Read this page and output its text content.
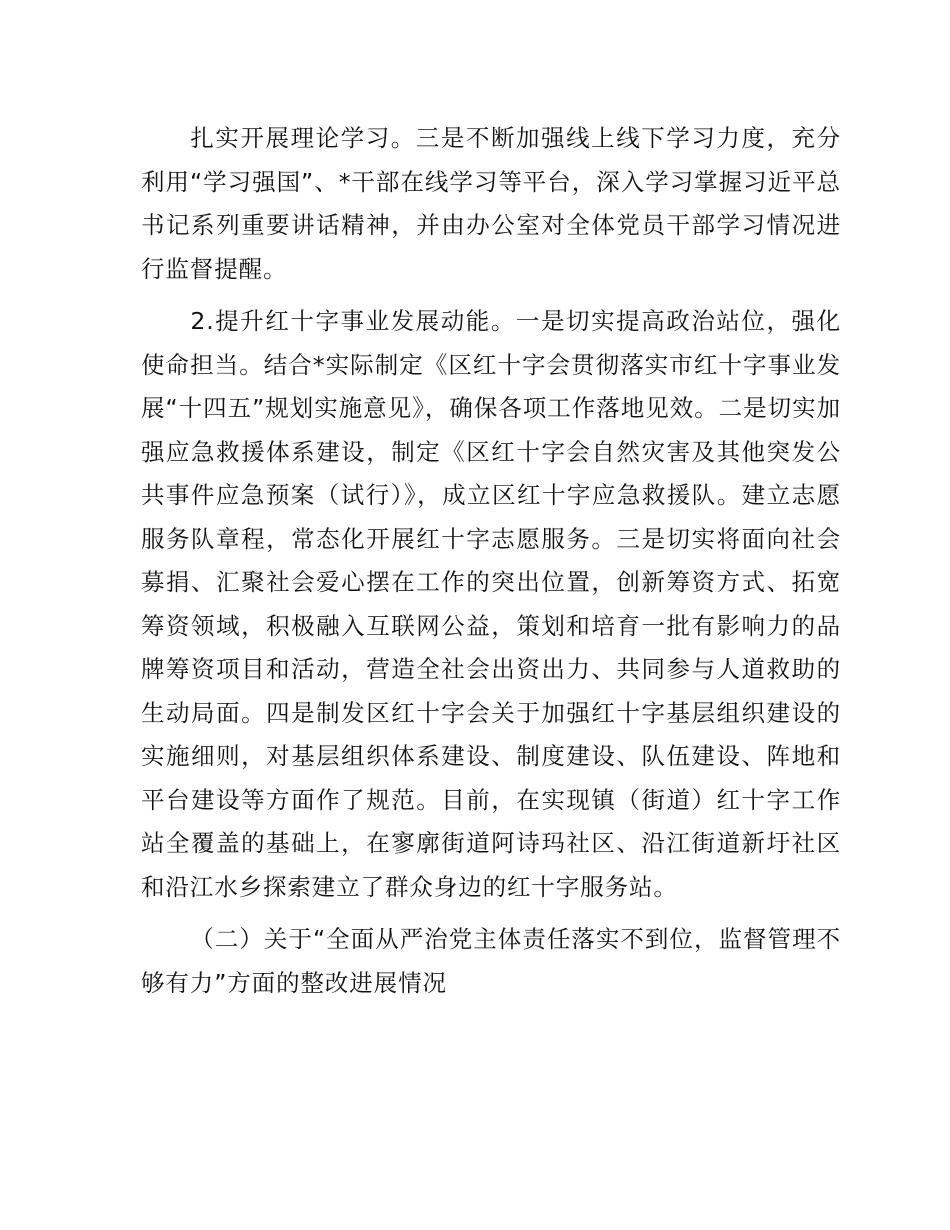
扎实开展理论学习。三是不断加强线上线下学习力度，充分利用“学习强国”、*干部在线学习等平台，深入学习掌握习近平总书记系列重要讲话精神，并由办公室对全体党员干部学习情况进行监督提醒。

2.提升红十字事业发展动能。一是切实提高政治站位，强化使命担当。结合*实际制定《区红十字会贯彻落实市红十字事业发展“十四五”规划实施意见》，确保各项工作落地见效。二是切实加强应急救援体系建设，制定《区红十字会自然灾害及其他突发公共事件应急预案（试行）》，成立区红十字应急救援队。建立志愿服务队章程，常态化开展红十字志愿服务。三是切实将面向社会募捐、汇聚社会爱心摆在工作的突出位置，创新筹资方式、拓宽筹资领域，积极融入互联网公益，策划和培育一批有影响力的品牌筹资项目和活动，营造全社会出资出力、共同参与人道救助的生动局面。四是制发区红十字会关于加强红十字基层组织建设的实施细则，对基层组织体系建设、制度建设、队伍建设、阵地和平台建设等方面作了规范。目前，在实现镇（街道）红十字工作站全覆盖的基础上，在寥廓街道阿诗玛社区、沿江街道新圩社区和沿江水乡探索建立了群众身边的红十字服务站。

（二）关于“全面从严治党主体责任落实不到位，监督管理不够有力”方面的整改进展情况
